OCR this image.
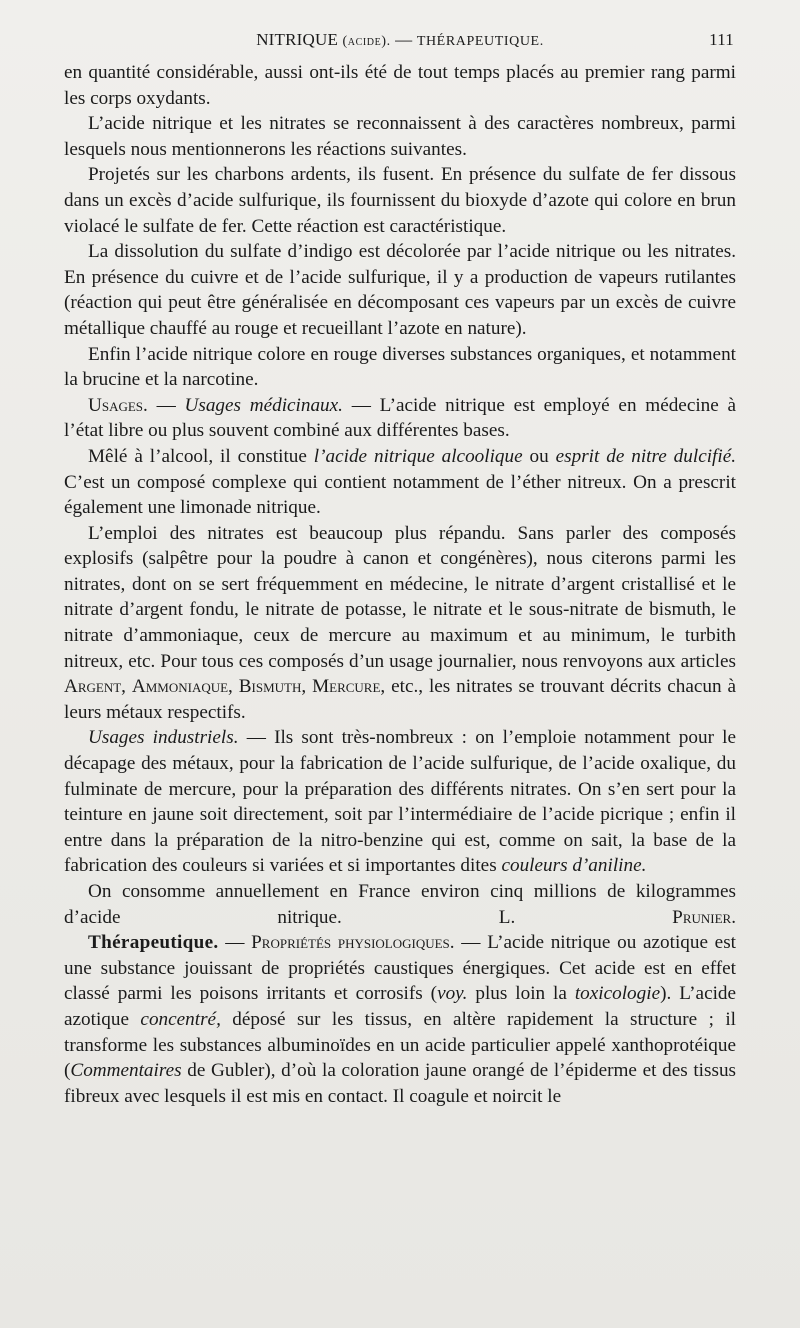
NITRIQUE (acide). — THÉRAPEUTIQUE.	111

en quantité considérable, aussi ont-ils été de tout temps placés au premier rang parmi les corps oxydants.

L’acide nitrique et les nitrates se reconnaissent à des caractères nombreux, parmi lesquels nous mentionnerons les réactions suivantes.

Projetés sur les charbons ardents, ils fusent. En présence du sulfate de fer dissous dans un excès d’acide sulfurique, ils fournissent du bioxyde d’azote qui colore en brun violacé le sulfate de fer. Cette réaction est caractéristique.

La dissolution du sulfate d’indigo est décolorée par l’acide nitrique ou les nitrates. En présence du cuivre et de l’acide sulfurique, il y a production de vapeurs rutilantes (réaction qui peut être généralisée en décomposant ces vapeurs par un excès de cuivre métallique chauffé au rouge et recueillant l’azote en nature).

Enfin l’acide nitrique colore en rouge diverses substances organiques, et notamment la brucine et la narcotine.

Usages. — Usages médicinaux. — L’acide nitrique est employé en médecine à l’état libre ou plus souvent combiné aux différentes bases.

Mêlé à l’alcool, il constitue l’acide nitrique alcoolique ou esprit de nitre dulcifié. C’est un composé complexe qui contient notamment de l’éther nitreux. On a prescrit également une limonade nitrique.

L’emploi des nitrates est beaucoup plus répandu. Sans parler des composés explosifs (salpêtre pour la poudre à canon et congénères), nous citerons parmi les nitrates, dont on se sert fréquemment en médecine, le nitrate d’argent cristallisé et le nitrate d’argent fondu, le nitrate de potasse, le nitrate et le sous-nitrate de bismuth, le nitrate d’ammoniaque, ceux de mercure au maximum et au minimum, le turbith nitreux, etc. Pour tous ces composés d’un usage journalier, nous renvoyons aux articles Argent, Ammoniaque, Bismuth, Mercure, etc., les nitrates se trouvant décrits chacun à leurs métaux respectifs.

Usages industriels. — Ils sont très-nombreux : on l’emploie notamment pour le décapage des métaux, pour la fabrication de l’acide sulfurique, de l’acide oxalique, du fulminate de mercure, pour la préparation des différents nitrates. On s’en sert pour la teinture en jaune soit directement, soit par l’intermédiaire de l’acide picrique ; enfin il entre dans la préparation de la nitro-benzine qui est, comme on sait, la base de la fabrication des couleurs si variées et si importantes dites couleurs d’aniline.

On consomme annuellement en France environ cinq millions de kilogrammes d’acide nitrique.	L. Prunier.

Thérapeutique. — Propriétés physiologiques. — L’acide nitrique ou azotique est une substance jouissant de propriétés caustiques énergiques. Cet acide est en effet classé parmi les poisons irritants et corrosifs (voy. plus loin la toxicologie). L’acide azotique concentré, déposé sur les tissus, en altère rapidement la structure ; il transforme les substances albuminoïdes en un acide particulier appelé xanthoprotéique (Commentaires de Gubler), d’où la coloration jaune orangé de l’épiderme et des tissus fibreux avec lesquels il est mis en contact. Il coagule et noircit le
